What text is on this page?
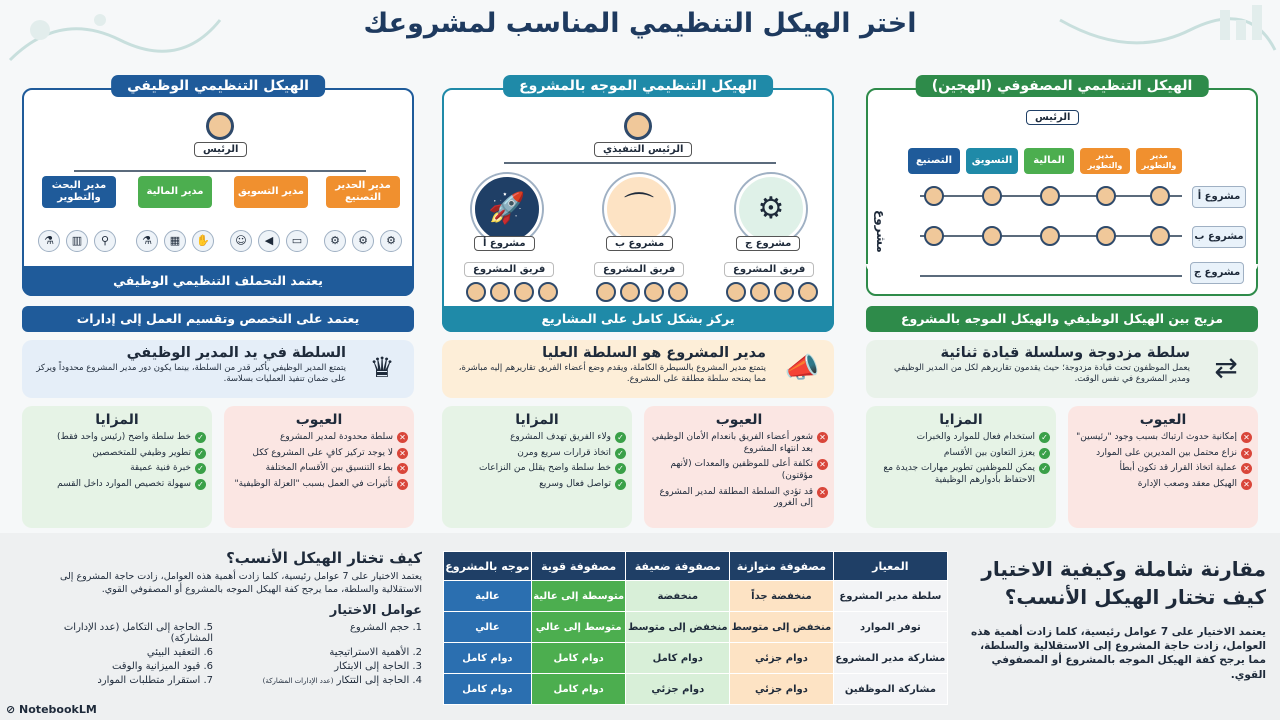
اختر الهيكل التنظيمي المناسب لمشروعك
الرئيس
مدير والتطوير
مدير والتطوير
المالية
التسويق
التصنيع
مشروع أ
مشروع ب
مشروع
الهيكل التنظيمي المصفوفي (الهجين)
مزيج بين الهيكل الوظيفي والهيكل الموجه بالمشروع
مشروع ج
⇄
سلطة مزدوجة وسلسلة قيادة ثنائية

يعمل الموظفون تحت قيادة مزدوجة؛ حيث يقدمون تقاريرهم لكل من المدير الوظيفي ومدير المشروع في نفس الوقت.

العيوب
✕
إمكانية حدوث ارتباك بسبب وجود "رئيسين"
✕
نزاع محتمل بين المديرين على الموارد
✕
عملية اتخاذ القرار قد تكون أبطأ
✕
الهيكل معقد وصعب الإدارة
المزايا
✓
استخدام فعال للموارد والخبرات
✓
يعزز التعاون بين الأقسام
✓
يمكن للموظفين تطوير مهارات جديدة مع الاحتفاظ بأدوارهم الوظيفية
الرئيس التنفيذي
⚙
⌒
🚀
مشروع ج
مشروع ب
مشروع أ
فريق المشروع
فريق المشروع
فريق المشروع
الهيكل التنظيمي الموجه بالمشروع
يركز بشكل كامل على المشاريع
📣
مدير المشروع هو السلطة العليا

يتمتع مدير المشروع بالسيطرة الكاملة، ويقدم وضع أعضاء الفريق تقاريرهم إليه مباشرة، مما يمنحه سلطة مطلقة على المشروع.

العيوب
✕
شعور أعضاء الفريق بانعدام الأمان الوظيفي بعد انتهاء المشروع
✕
تكلفة أعلى للموظفين والمعدات (لأنهم مؤقتون)
✕
قد تؤدي السلطة المطلقة لمدير المشروع إلى الغرور
المزايا
✓
ولاء الفريق تهدف المشروع
✓
اتخاذ قرارات سريع ومرن
✓
خط سلطة واضح يقلل من النزاعات
✓
تواصل فعال وسريع
الرئيس
مدير الحدير التصنيع
مدير التسويق
مدير المالية
مدير البحث والتطوير
⚙
⚙
⚙
▭
◀
☺
✋
▦
⚗
⚲
▥
⚗
الهيكل التنظيمي الوظيفي
يعتمد التحملف التنظيمي الوظيفي
يعتمد على التخصص وتقسيم العمل إلى إدارات
♛
السلطة في يد المدير الوظيفي

يتمتع المدير الوظيفي بأكبر قدر من السلطة، بينما يكون دور مدير المشروع محدوداً ويركز على ضمان تنفيذ العمليات بسلاسة.

العيوب
✕
سلطة محدودة لمدير المشروع
✕
لا يوجد تركيز كافٍ على المشروع ككل
✕
بطء التنسيق بين الأقسام المختلفة
✕
تأثيرات في العمل بسبب "العزلة الوظيفية"
المزايا
✓
خط سلطة واضح (رئيس واحد فقط)
✓
تطوير وظيفي للمتخصصين
✓
خبرة فنية عميقة
✓
سهولة تخصيص الموارد داخل القسم
مقارنة شاملة وكيفية الاختيار كيف تختار الهيكل الأنسب؟
يعتمد الاختيار على 7 عوامل رئيسية، كلما زادت أهمية هذه العوامل، زادت حاجة المشروع إلى الاستقلالية والسلطة، مما يرجح كفة الهيكل الموجه بالمشروع أو المصفوفي القوي.
المعيار	مصفوفة متوازنة	مصفوفة ضعيفة	مصفوفة قوية	موجه بالمشروع
سلطة مدير المشروع	منخفضة جداً	منخفضة	متوسطة إلى عالية	عالية
توفر الموارد	منخفض إلى متوسط	منخفض إلى متوسط	متوسط إلى عالي	عالي
مشاركة مدير المشروع	دوام جزئي	دوام كامل	دوام كامل	دوام كامل
مشاركة الموظفين	دوام جزئي	دوام جزئي	دوام كامل	دوام كامل
كيف تختار الهيكل الأنسب؟

يعتمد الاختيار على 7 عوامل رئيسية، كلما زادت أهمية هذه العوامل، زادت حاجة المشروع إلى الاستقلالية والسلطة، مما يرجح كفة الهيكل الموجه بالمشروع أو المصفوفي القوي.

عوامل الاختيار
1. حجم المشروع
5. الحاجة إلى التكامل (عدد الإدارات المشاركة)
2. الأهمية الاستراتيجية
6. التعقيد البيئي
3. الحاجة إلى الابتكار
6. قيود الميزانية والوقت
4. الحاجة إلى التتكار (عدد الإدارات المشاركة)
7. استقرار متطلبات الموارد
⊘ NotebookLM
